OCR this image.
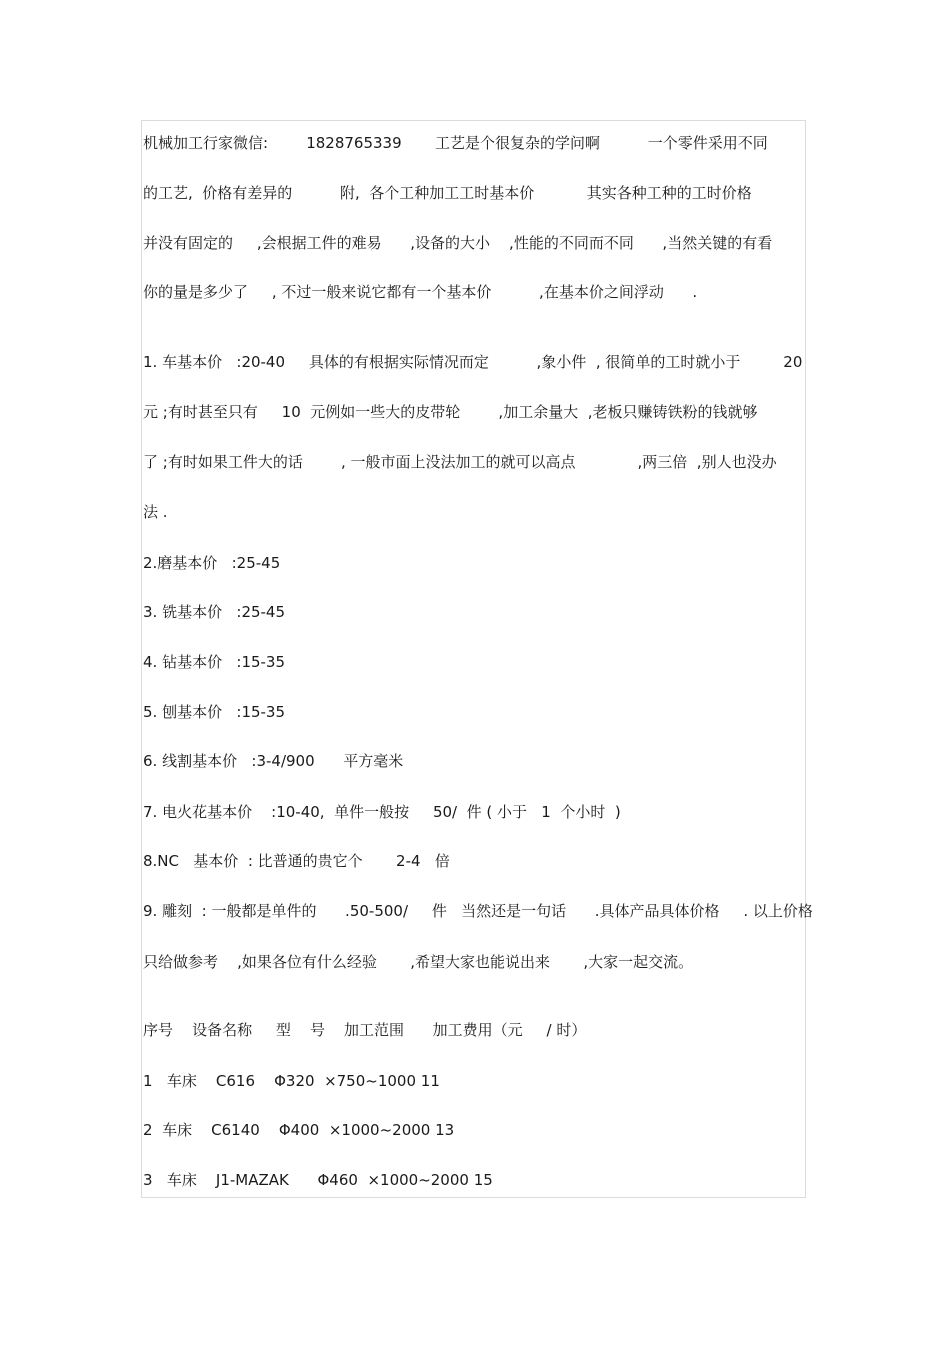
机械加工行家微信:        1828765339       工艺是个很复杂的学问啊          一个零件采用不同
的工艺,  价格有差异的          附,  各个工种加工工时基本价           其实各种工种的工时价格
并没有固定的     ,会根据工件的难易      ,设备的大小    ,性能的不同而不同      ,当然关键的有看
你的量是多少了     , 不过一般来说它都有一个基本价          ,在基本价之间浮动      .
1. 车基本价   :20-40     具体的有根据实际情况而定          ,象小件  , 很简单的工时就小于         20
元 ;有时甚至只有     10  元例如一些大的皮带轮        ,加工余量大  ,老板只赚铸铁粉的钱就够
了 ;有时如果工件大的话        , 一般市面上没法加工的就可以高点             ,两三倍  ,别人也没办
法 .
2.磨基本价   :25-45
3. 铣基本价   :25-45
4. 钻基本价   :15-35
5. 刨基本价   :15-35
6. 线割基本价   :3-4/900      平方毫米
7. 电火花基本价    :10-40,  单件一般按     50/  件 ( 小于   1  个小时  )
8.NC   基本价  : 比普通的贵它个       2-4   倍
9. 雕刻  : 一般都是单件的      .50-500/     件   当然还是一句话      .具体产品具体价格     . 以上价格
只给做参考    ,如果各位有什么经验       ,希望大家也能说出来       ,大家一起交流。
序号    设备名称     型    号    加工范围      加工费用（元     / 时）
1   车床    C616    Φ320  ×750~1000 11
2  车床    C6140    Φ400  ×1000~2000 13
3   车床    J1-MAZAK      Φ460  ×1000~2000 15
